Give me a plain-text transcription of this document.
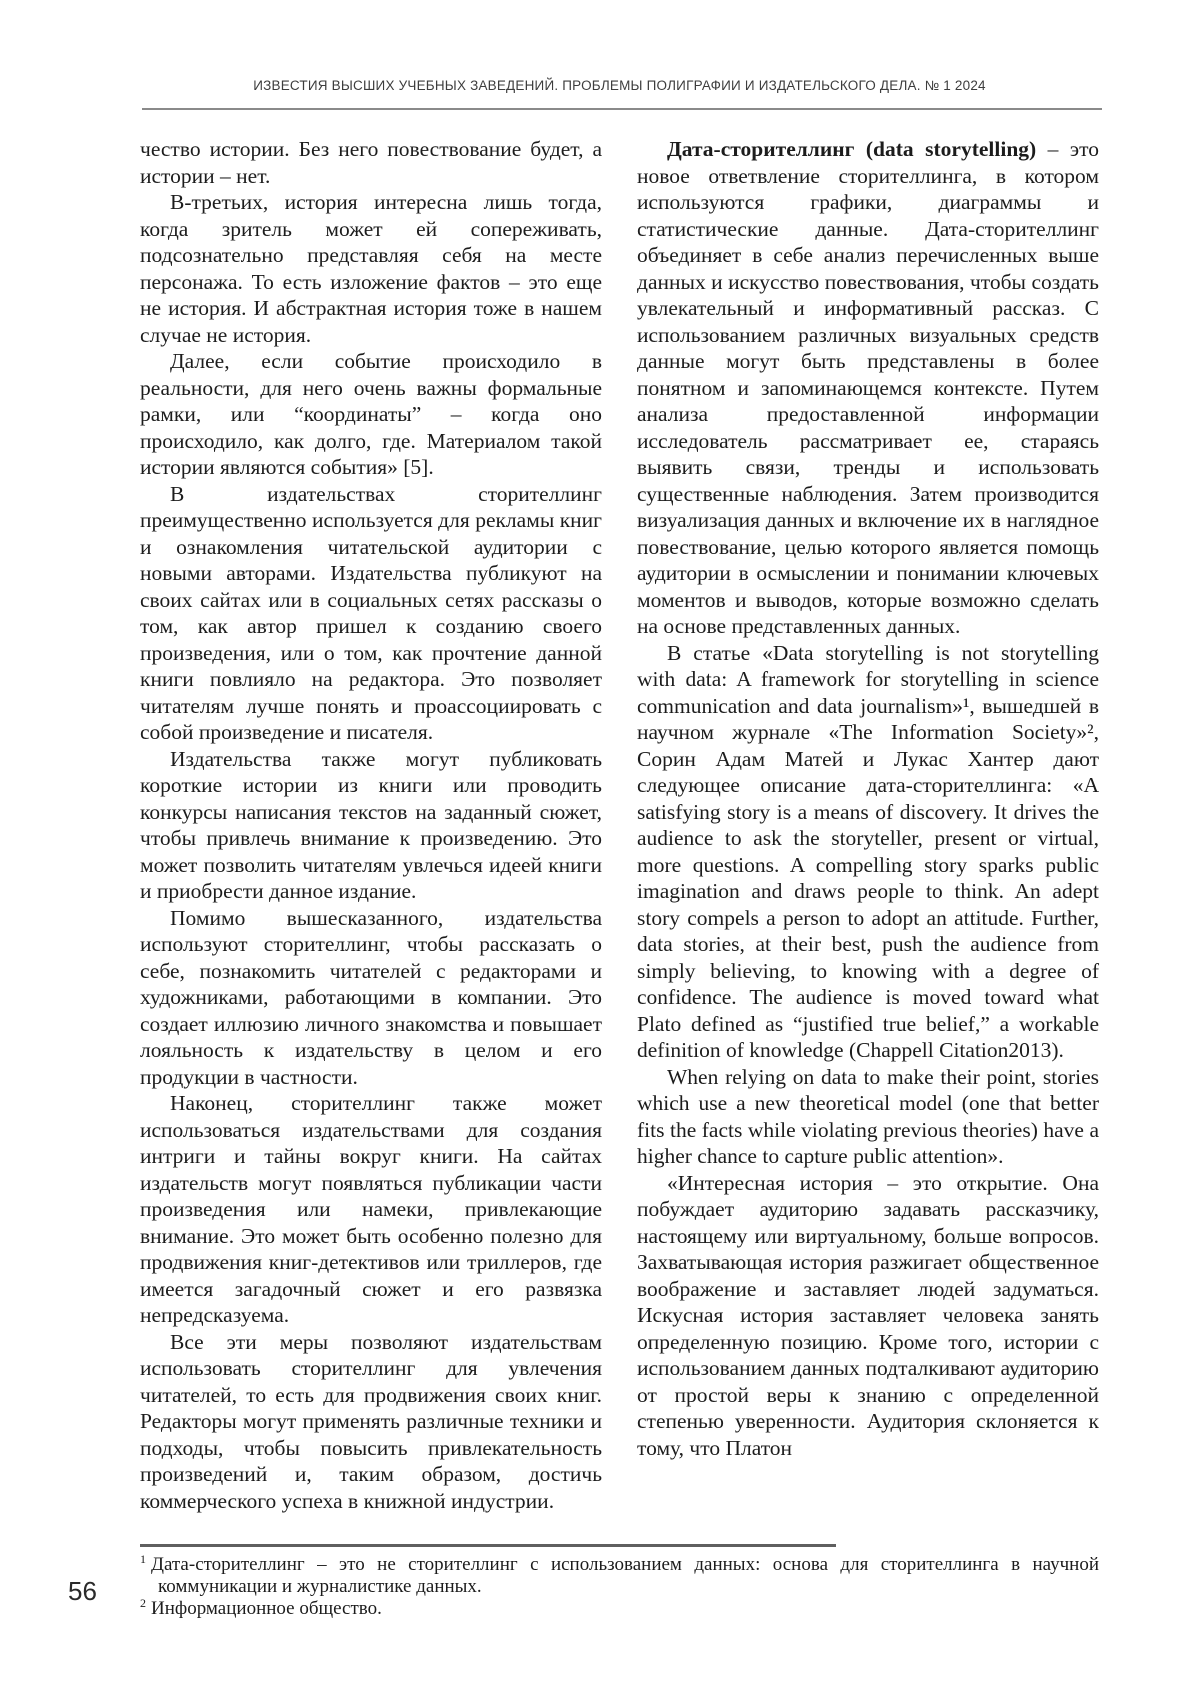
ИЗВЕСТИЯ ВЫСШИХ УЧЕБНЫХ ЗАВЕДЕНИЙ. ПРОБЛЕМЫ ПОЛИГРАФИИ И ИЗДАТЕЛЬСКОГО ДЕЛА. № 1 2024

чество истории. Без него повествование будет, а истории – нет.

В-третьих, история интересна лишь тогда, когда зритель может ей сопереживать, подсознательно представляя себя на месте персонажа. То есть изложение фактов – это еще не история. И абстрактная история тоже в нашем случае не история.

Далее, если событие происходило в реальности, для него очень важны формальные рамки, или “координаты” – когда оно происходило, как долго, где. Материалом такой истории являются события» [5].

В издательствах сторителлинг преимущественно используется для рекламы книг и ознакомления читательской аудитории с новыми авторами. Издательства публикуют на своих сайтах или в социальных сетях рассказы о том, как автор пришел к созданию своего произведения, или о том, как прочтение данной книги повлияло на редактора. Это позволяет читателям лучше понять и проассоциировать с собой произведение и писателя.

Издательства также могут публиковать короткие истории из книги или проводить конкурсы написания текстов на заданный сюжет, чтобы привлечь внимание к произведению. Это может позволить читателям увлечься идеей книги и приобрести данное издание.

Помимо вышесказанного, издательства используют сторителлинг, чтобы рассказать о себе, познакомить читателей с редакторами и художниками, работающими в компании. Это создает иллюзию личного знакомства и повышает лояльность к издательству в целом и его продукции в частности.

Наконец, сторителлинг также может использоваться издательствами для создания интриги и тайны вокруг книги. На сайтах издательств могут появляться публикации части произведения или намеки, привлекающие внимание. Это может быть особенно полезно для продвижения книг-детективов или триллеров, где имеется загадочный сюжет и его развязка непредсказуема.

Все эти меры позволяют издательствам использовать сторителлинг для увлечения читателей, то есть для продвижения своих книг. Редакторы могут применять различные техники и подходы, чтобы повысить привлекательность произведений и, таким образом, достичь коммерческого успеха в книжной индустрии.

Дата-сторителлинг (data storytelling) – это новое ответвление сторителлинга, в котором используются графики, диаграммы и статистические данные. Дата-сторителлинг объединяет в себе анализ перечисленных выше данных и искусство повествования, чтобы создать увлекательный и информативный рассказ. С использованием различных визуальных средств данные могут быть представлены в более понятном и запоминающемся контексте. Путем анализа предоставленной информации исследователь рассматривает ее, стараясь выявить связи, тренды и использовать существенные наблюдения. Затем производится визуализация данных и включение их в наглядное повествование, целью которого является помощь аудитории в осмыслении и понимании ключевых моментов и выводов, которые возможно сделать на основе представленных данных.

В статье «Data storytelling is not storytelling with data: A framework for storytelling in science communication and data journalism»¹, вышедшей в научном журнале «The Information Society»², Сорин Адам Матей и Лукас Хантер дают следующее описание дата-сторителлинга: «A satisfying story is a means of discovery. It drives the audience to ask the storyteller, present or virtual, more questions. A compelling story sparks public imagination and draws people to think. An adept story compels a person to adopt an attitude. Further, data stories, at their best, push the audience from simply believing, to knowing with a degree of confidence. The audience is moved toward what Plato defined as “justified true belief,” a workable definition of knowledge (Chappell Citation2013).

When relying on data to make their point, stories which use a new theoretical model (one that better fits the facts while violating previous theories) have a higher chance to capture public attention».

«Интересная история – это открытие. Она побуждает аудиторию задавать рассказчику, настоящему или виртуальному, больше вопросов. Захватывающая история разжигает общественное воображение и заставляет людей задуматься. Искусная история заставляет человека занять определенную позицию. Кроме того, истории с использованием данных подталкивают аудиторию от простой веры к знанию с определенной степенью уверенности. Аудитория склоняется к тому, что Платон

$^1$ Дата-сторителлинг – это не сторителлинг с использованием данных: основа для сторителлинга в научной коммуникации и журналистике данных.

$^2$ Информационное общество.

56
